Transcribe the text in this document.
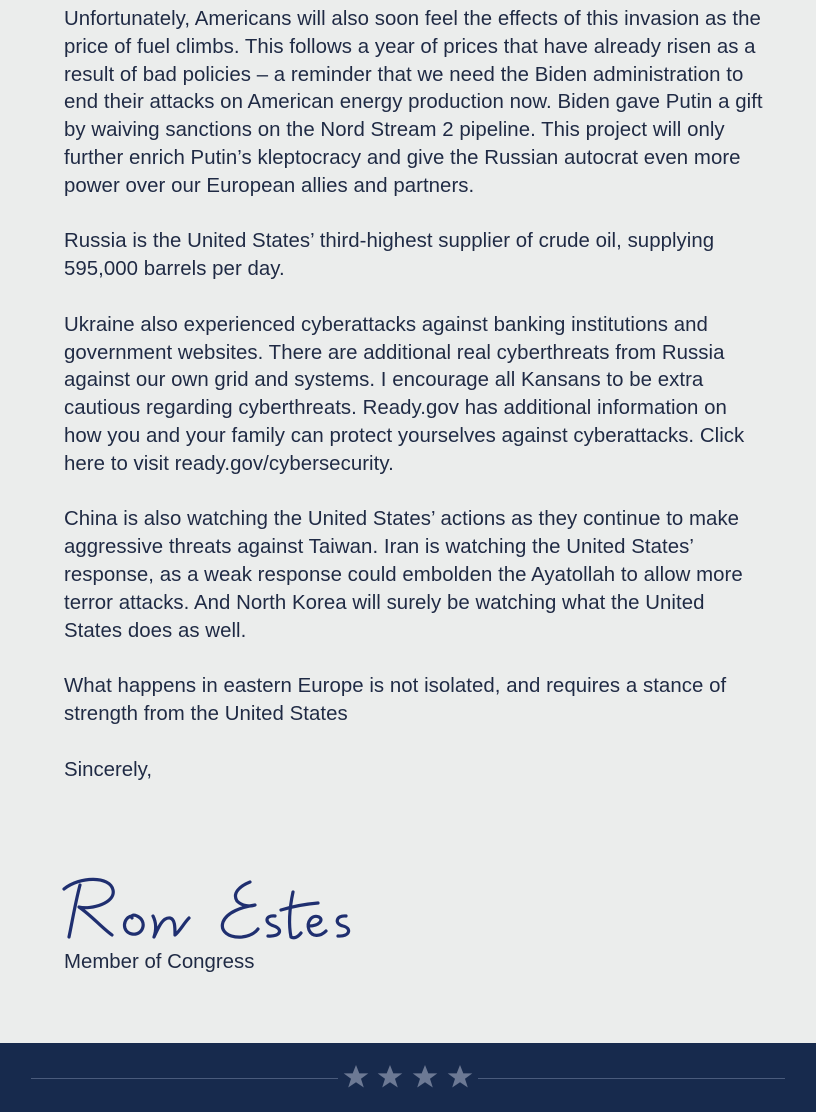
Unfortunately, Americans will also soon feel the effects of this invasion as the price of fuel climbs. This follows a year of prices that have already risen as a result of bad policies – a reminder that we need the Biden administration to end their attacks on American energy production now. Biden gave Putin a gift by waiving sanctions on the Nord Stream 2 pipeline. This project will only further enrich Putin’s kleptocracy and give the Russian autocrat even more power over our European allies and partners.

Russia is the United States’ third-highest supplier of crude oil, supplying 595,000 barrels per day.

Ukraine also experienced cyberattacks against banking institutions and government websites. There are additional real cyberthreats from Russia against our own grid and systems. I encourage all Kansans to be extra cautious regarding cyberthreats. Ready.gov has additional information on how you and your family can protect yourselves against cyberattacks. Click here to visit ready.gov/cybersecurity.

China is also watching the United States’ actions as they continue to make aggressive threats against Taiwan. Iran is watching the United States’ response, as a weak response could embolden the Ayatollah to allow more terror attacks. And North Korea will surely be watching what the United States does as well.

What happens in eastern Europe is not isolated, and requires a stance of strength from the United States

Sincerely,

Member of Congress
